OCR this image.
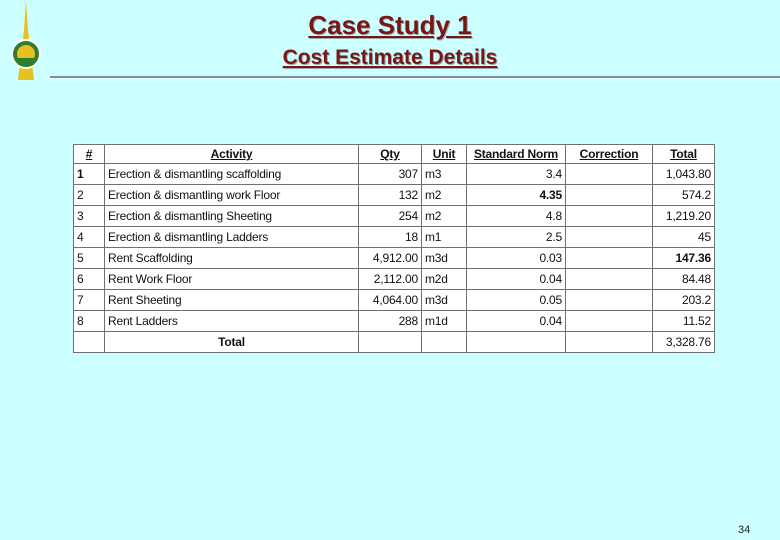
Case Study 1
Cost Estimate Details
#	Activity	Qty	Unit	Standard Norm	Correction	Total
1	Erection & dismantling scaffolding	307	m3	3.4		1,043.80
2	Erection & dismantling work Floor	132	m2	4.35		574.2
3	Erection & dismantling Sheeting	254	m2	4.8		1,219.20
4	Erection & dismantling Ladders	18	m1	2.5		45
5	Rent Scaffolding	4,912.00	m3d	0.03		147.36
6	Rent Work Floor	2,112.00	m2d	0.04		84.48
7	Rent Sheeting	4,064.00	m3d	0.05		203.2
8	Rent Ladders	288	m1d	0.04		11.52
	Total					3,328.76
34
